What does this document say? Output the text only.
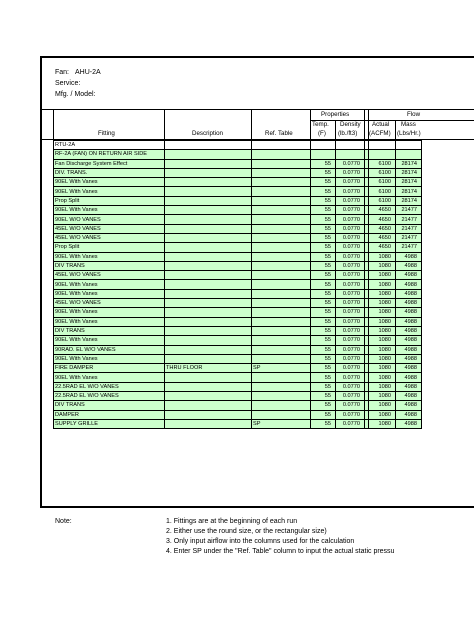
Fan: AHU-2A
Service:
Mfg. / Model:
Fitting	Description	Ref. Table
Properties
Temp.
(F)
Density
(lb./ft3)
Actual
(ACFM)
Flow
Mass
(Lbs/Hr.)
RTU-2A							
RF-2A (FAN) ON RETURN AIR SIDE							
Fan Discharge System Effect			55	0.0770		6100	28174
DIV. TRANS.			55	0.0770		6100	28174
90EL With Vanes			55	0.0770		6100	28174
90EL With Vanes			55	0.0770		6100	28174
Prop Split			55	0.0770		6100	28174
90EL With Vanes			55	0.0770		4650	21477
90EL W/O VANES			55	0.0770		4650	21477
45EL W/O VANES			55	0.0770		4650	21477
45EL W/O VANES			55	0.0770		4650	21477
Prop Split			55	0.0770		4650	21477
90EL With Vanes			55	0.0770		1080	4988
DIV TRANS			55	0.0770		1080	4988
45EL W/O VANES			55	0.0770		1080	4988
90EL With Vanes			55	0.0770		1080	4988
90EL With Vanes			55	0.0770		1080	4988
45EL W/O VANES			55	0.0770		1080	4988
90EL With Vanes			55	0.0770		1080	4988
90EL With Vanes			55	0.0770		1080	4988
DIV TRANS			55	0.0770		1080	4988
90EL With Vanes			55	0.0770		1080	4988
90RAD. EL W/O VANES			55	0.0770		1080	4988
90EL With Vanes			55	0.0770		1080	4988
FIRE DAMPER	THRU FLOOR	SP	55	0.0770		1080	4988
90EL With Vanes			55	0.0770		1080	4988
22.5RAD EL W/O VANES			55	0.0770		1080	4988
22.5RAD EL W/O VANES			55	0.0770		1080	4988
DIV TRANS			55	0.0770		1080	4988
DAMPER			55	0.0770		1080	4988
SUPPLY GRILLE		SP	55	0.0770		1080	4988
Note:	1. Fittings are at the beginning of each run
2. Either use the round size, or the rectangular size)
3. Only input airflow into the columns used for the calculation
4. Enter SP under the "Ref. Table" column to input the actual static pressu
